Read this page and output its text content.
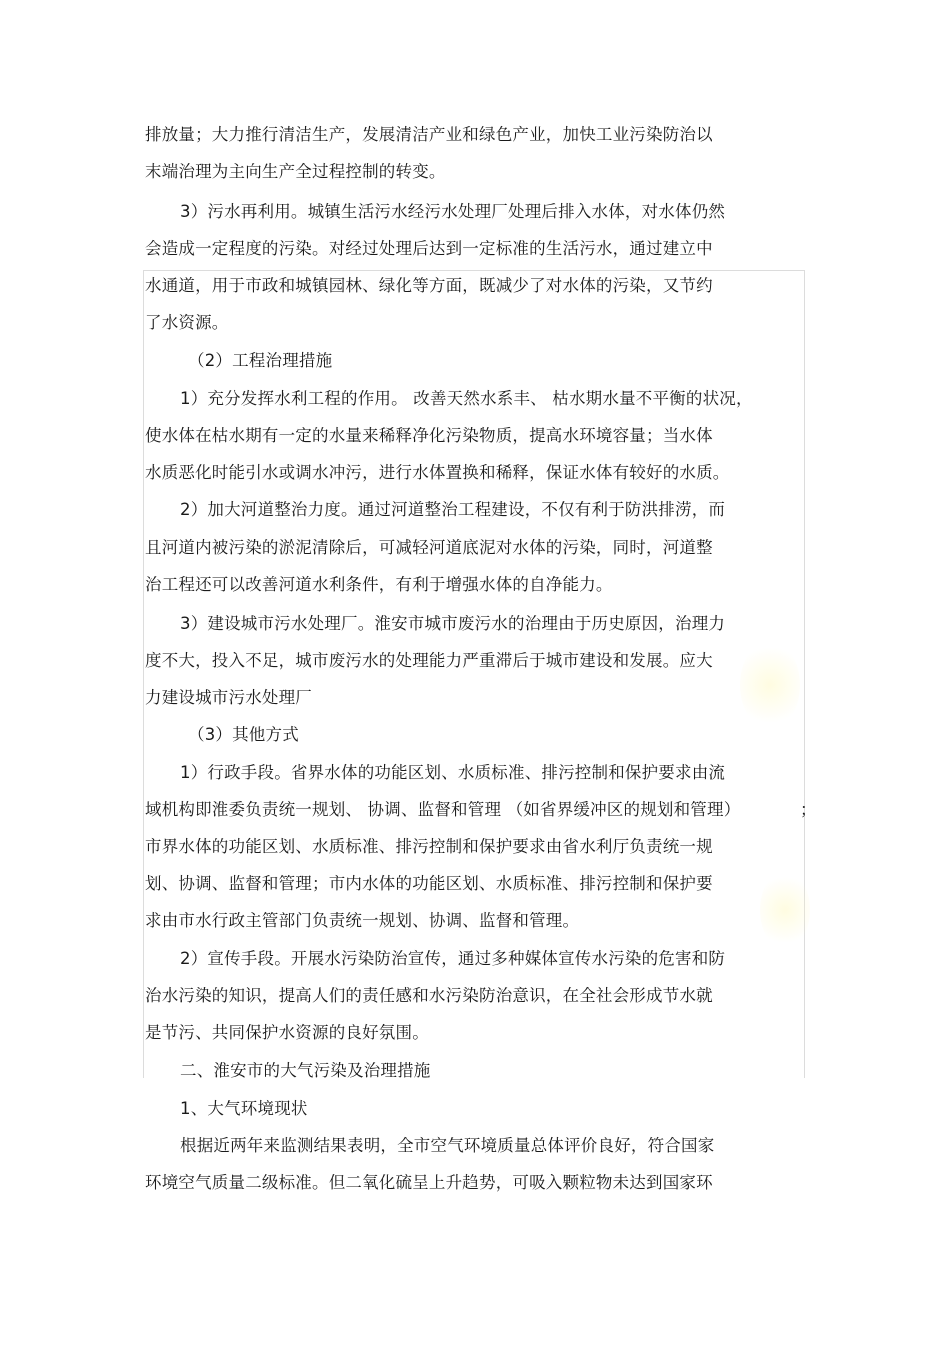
排放量；大力推行清洁生产，发展清洁产业和绿色产业，加快工业污染防治以
末端治理为主向生产全过程控制的转变。
3）污水再利用。城镇生活污水经污水处理厂处理后排入水体，对水体仍然
会造成一定程度的污染。对经过处理后达到一定标准的生活污水，通过建立中
水通道，用于市政和城镇园林、绿化等方面，既减少了对水体的污染，又节约
了水资源。
（2）工程治理措施
1）充分发挥水利工程的作用。 改善天然水系丰、 枯水期水量不平衡的状况，
使水体在枯水期有一定的水量来稀释净化污染物质，提高水环境容量；当水体
水质恶化时能引水或调水冲污，进行水体置换和稀释，保证水体有较好的水质。
2）加大河道整治力度。通过河道整治工程建设，不仅有利于防洪排涝，而
且河道内被污染的淤泥清除后，可减轻河道底泥对水体的污染，同时，河道整
治工程还可以改善河道水利条件，有利于增强水体的自净能力。
3）建设城市污水处理厂。淮安市城市废污水的治理由于历史原因，治理力
度不大，投入不足，城市废污水的处理能力严重滞后于城市建设和发展。应大
力建设城市污水处理厂
（3）其他方式
1）行政手段。省界水体的功能区划、水质标准、排污控制和保护要求由流
域机构即淮委负责统一规划、 协调、监督和管理 （如省界缓冲区的规划和管理）	；
市界水体的功能区划、水质标准、排污控制和保护要求由省水利厅负责统一规
划、协调、监督和管理；市内水体的功能区划、水质标准、排污控制和保护要
求由市水行政主管部门负责统一规划、协调、监督和管理。
2）宣传手段。开展水污染防治宣传，通过多种媒体宣传水污染的危害和防
治水污染的知识，提高人们的责任感和水污染防治意识，在全社会形成节水就
是节污、共同保护水资源的良好氛围。
二、淮安市的大气污染及治理措施
1、大气环境现状
根据近两年来监测结果表明，全市空气环境质量总体评价良好，符合国家
环境空气质量二级标准。但二氧化硫呈上升趋势，可吸入颗粒物未达到国家环
